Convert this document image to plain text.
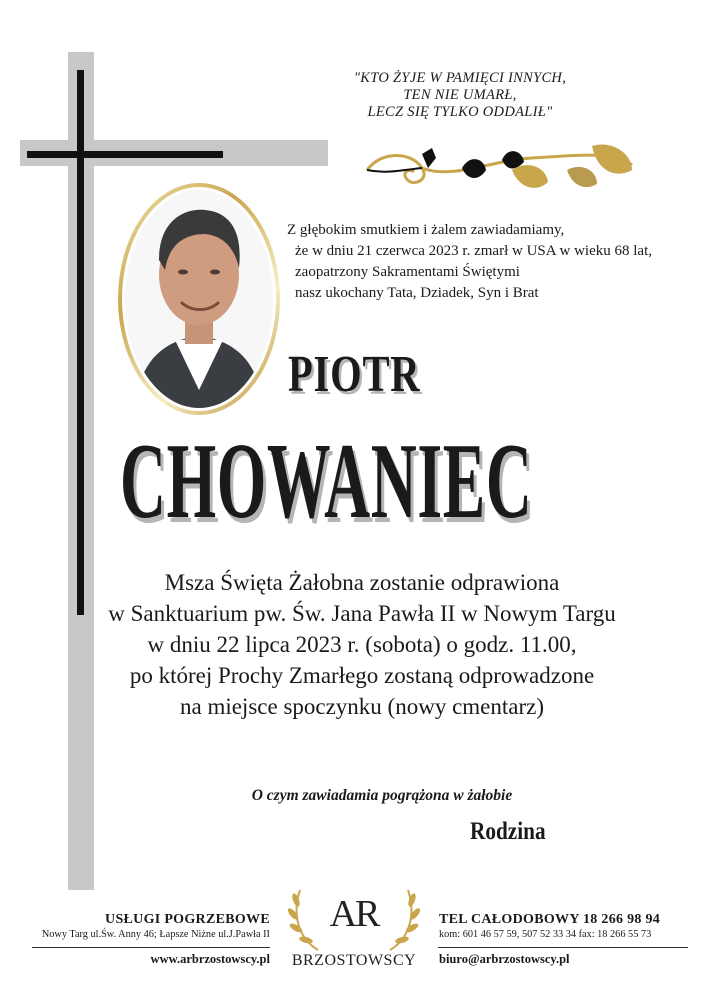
"KTO ŻYJE W PAMIĘCI INNYCH,
TEN NIE UMARŁ,
LECZ SIĘ TYLKO ODDALIŁ"
Z głębokim smutkiem i żalem zawiadamiamy,
że w dniu 21 czerwca 2023 r. zmarł w USA w wieku 68 lat,
zaopatrzony Sakramentami Świętymi
nasz ukochany Tata, Dziadek, Syn i Brat
PIOTR
CHOWANIEC
Msza Święta Żałobna zostanie odprawiona
w Sanktuarium pw. Św. Jana Pawła II w Nowym Targu
w dniu 22 lipca 2023 r. (sobota) o godz. 11.00,
po której Prochy Zmarłego zostaną odprowadzone
na miejsce spoczynku (nowy cmentarz)
O czym zawiadamia pogrążona w żałobie
Rodzina
USŁUGI POGRZEBOWE
Nowy Targ ul.Św. Anny 46; Łapsze Niżne ul.J.Pawła II
www.arbrzostowscy.pl
AR
BRZOSTOWSCY
TEL CAŁODOBOWY 18 266 98 94
kom: 601 46 57 59, 507 52 33 34 fax: 18 266 55 73
biuro@arbrzostowscy.pl
